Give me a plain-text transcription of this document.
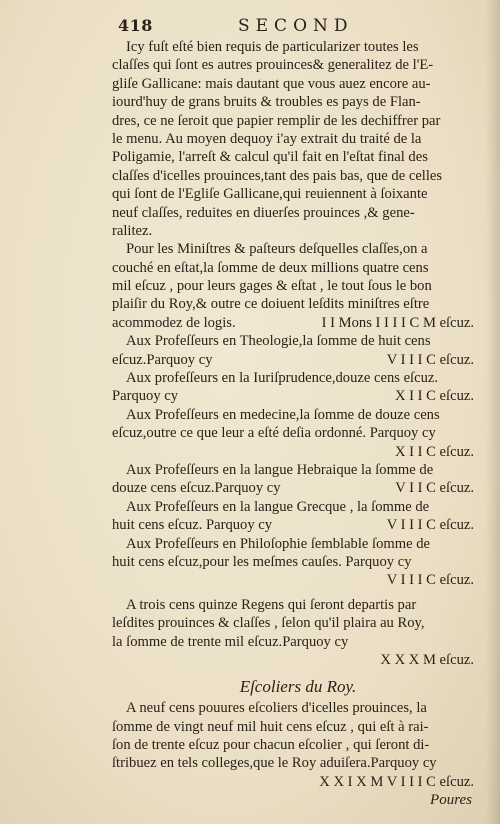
418	SECOND
Icy fuſt eſté bien requis de particularizer toutes les
claſſes qui ſont es autres prouinces& generalitez de l'E-
gliſe Gallicane: mais dautant que vous auez encore au-
iourd'huy de grans bruits & troubles es pays de Flan-
dres, ce ne ſeroit que papier remplir de les dechiffrer par
le menu. Au moyen dequoy i'ay extrait du traité de la
Poligamie, l'arreſt & calcul qu'il fait en l'eſtat final des
claſſes d'icelles prouinces,tant des pais bas, que de celles
qui ſont de l'Egliſe Gallicane,qui reuiennent à ſoixante
neuf claſſes, reduites en diuerſes prouinces ,& gene-
ralitez.
Pour les Miniſtres & paſteurs deſquelles claſſes,on a
couché en eſtat,la ſomme de deux millions quatre cens
mil eſcuz , pour leurs gages & eſtat , le tout ſous le bon
plaiſir du Roy,& outre ce doiuent leſdits miniſtres eſtre
acommodez de logis.	I I Mons I I I I C M eſcuz.
Aux Profeſſeurs en Theologie,la ſomme de huit cens
eſcuz.Parquoy cy	V I I I C eſcuz.
Aux profeſſeurs en la Iuriſprudence,douze cens eſcuz.
Parquoy cy	X I I C eſcuz.
Aux Profeſſeurs en medecine,la ſomme de douze cens
eſcuz,outre ce que leur a eſté deſia ordonné. Parquoy cy
X I I C eſcuz.
Aux Profeſſeurs en la langue Hebraique la ſomme de
douze cens eſcuz.Parquoy cy	V I I C eſcuz.
Aux Profeſſeurs en la langue Grecque , la ſomme de
huit cens eſcuz. Parquoy cy	V I I I C eſcuz.
Aux Profeſſeurs en Philoſophie ſemblable ſomme de
huit cens eſcuz,pour les meſmes cauſes. Parquoy cy
V I I I C eſcuz.
A trois cens quinze Regens qui ſeront departis par
leſdites prouinces & claſſes , ſelon qu'il plaira au Roy,
la ſomme de trente mil eſcuz.Parquoy cy
X X X M eſcuz.
Eſcoliers du Roy.
A neuf cens pouures eſcoliers d'icelles prouinces, la
ſomme de vingt neuf mil huit cens eſcuz , qui eſt à rai-
ſon de trente eſcuz pour chacun eſcolier , qui ſeront di-
ſtribuez en tels colleges,que le Roy aduiſera.Parquoy cy
X X I X M V I I I C eſcuz.
Poures
